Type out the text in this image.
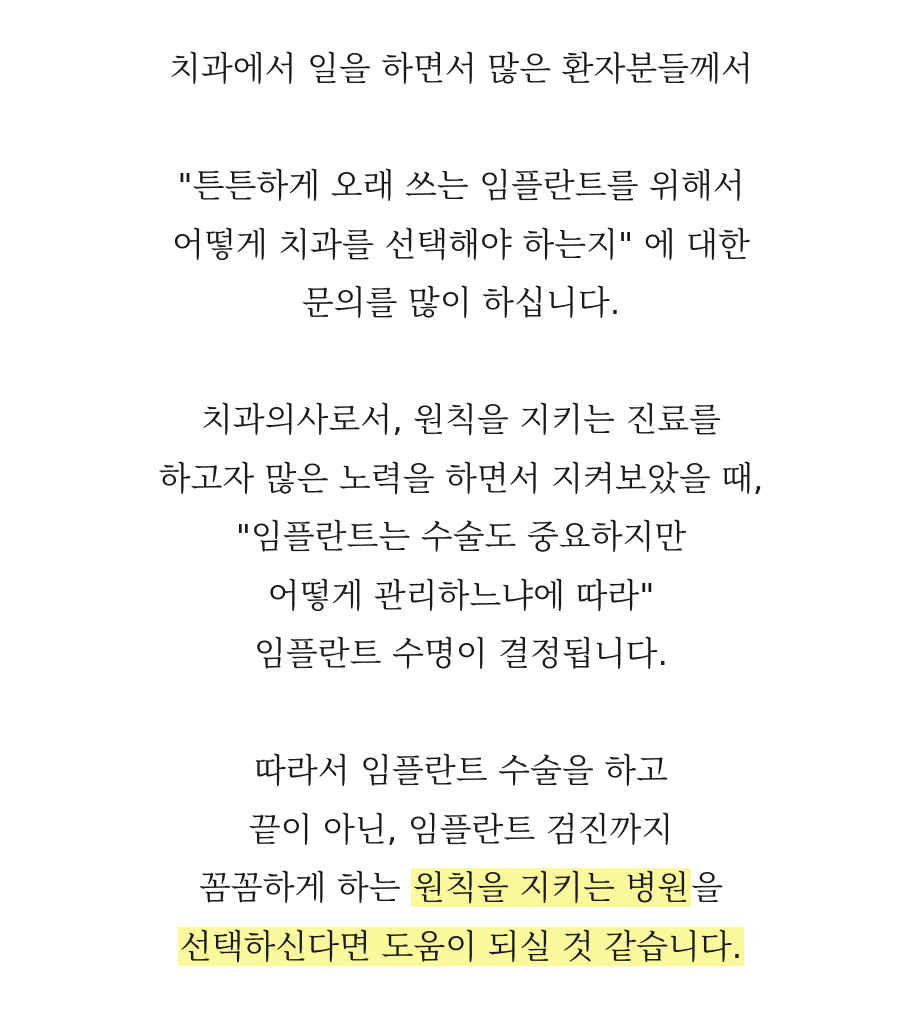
치과에서 일을 하면서 많은 환자분들께서
"튼튼하게 오래 쓰는 임플란트를 위해서
어떻게 치과를 선택해야 하는지" 에 대한
문의를 많이 하십니다.
치과의사로서, 원칙을 지키는 진료를
하고자 많은 노력을 하면서 지켜보았을 때,
"임플란트는 수술도 중요하지만
어떻게 관리하느냐에 따라"
임플란트 수명이 결정됩니다.
따라서 임플란트 수술을 하고
끝이 아닌, 임플란트 검진까지
꼼꼼하게 하는 원칙을 지키는 병원을
선택하신다면 도움이 되실 것 같습니다.
